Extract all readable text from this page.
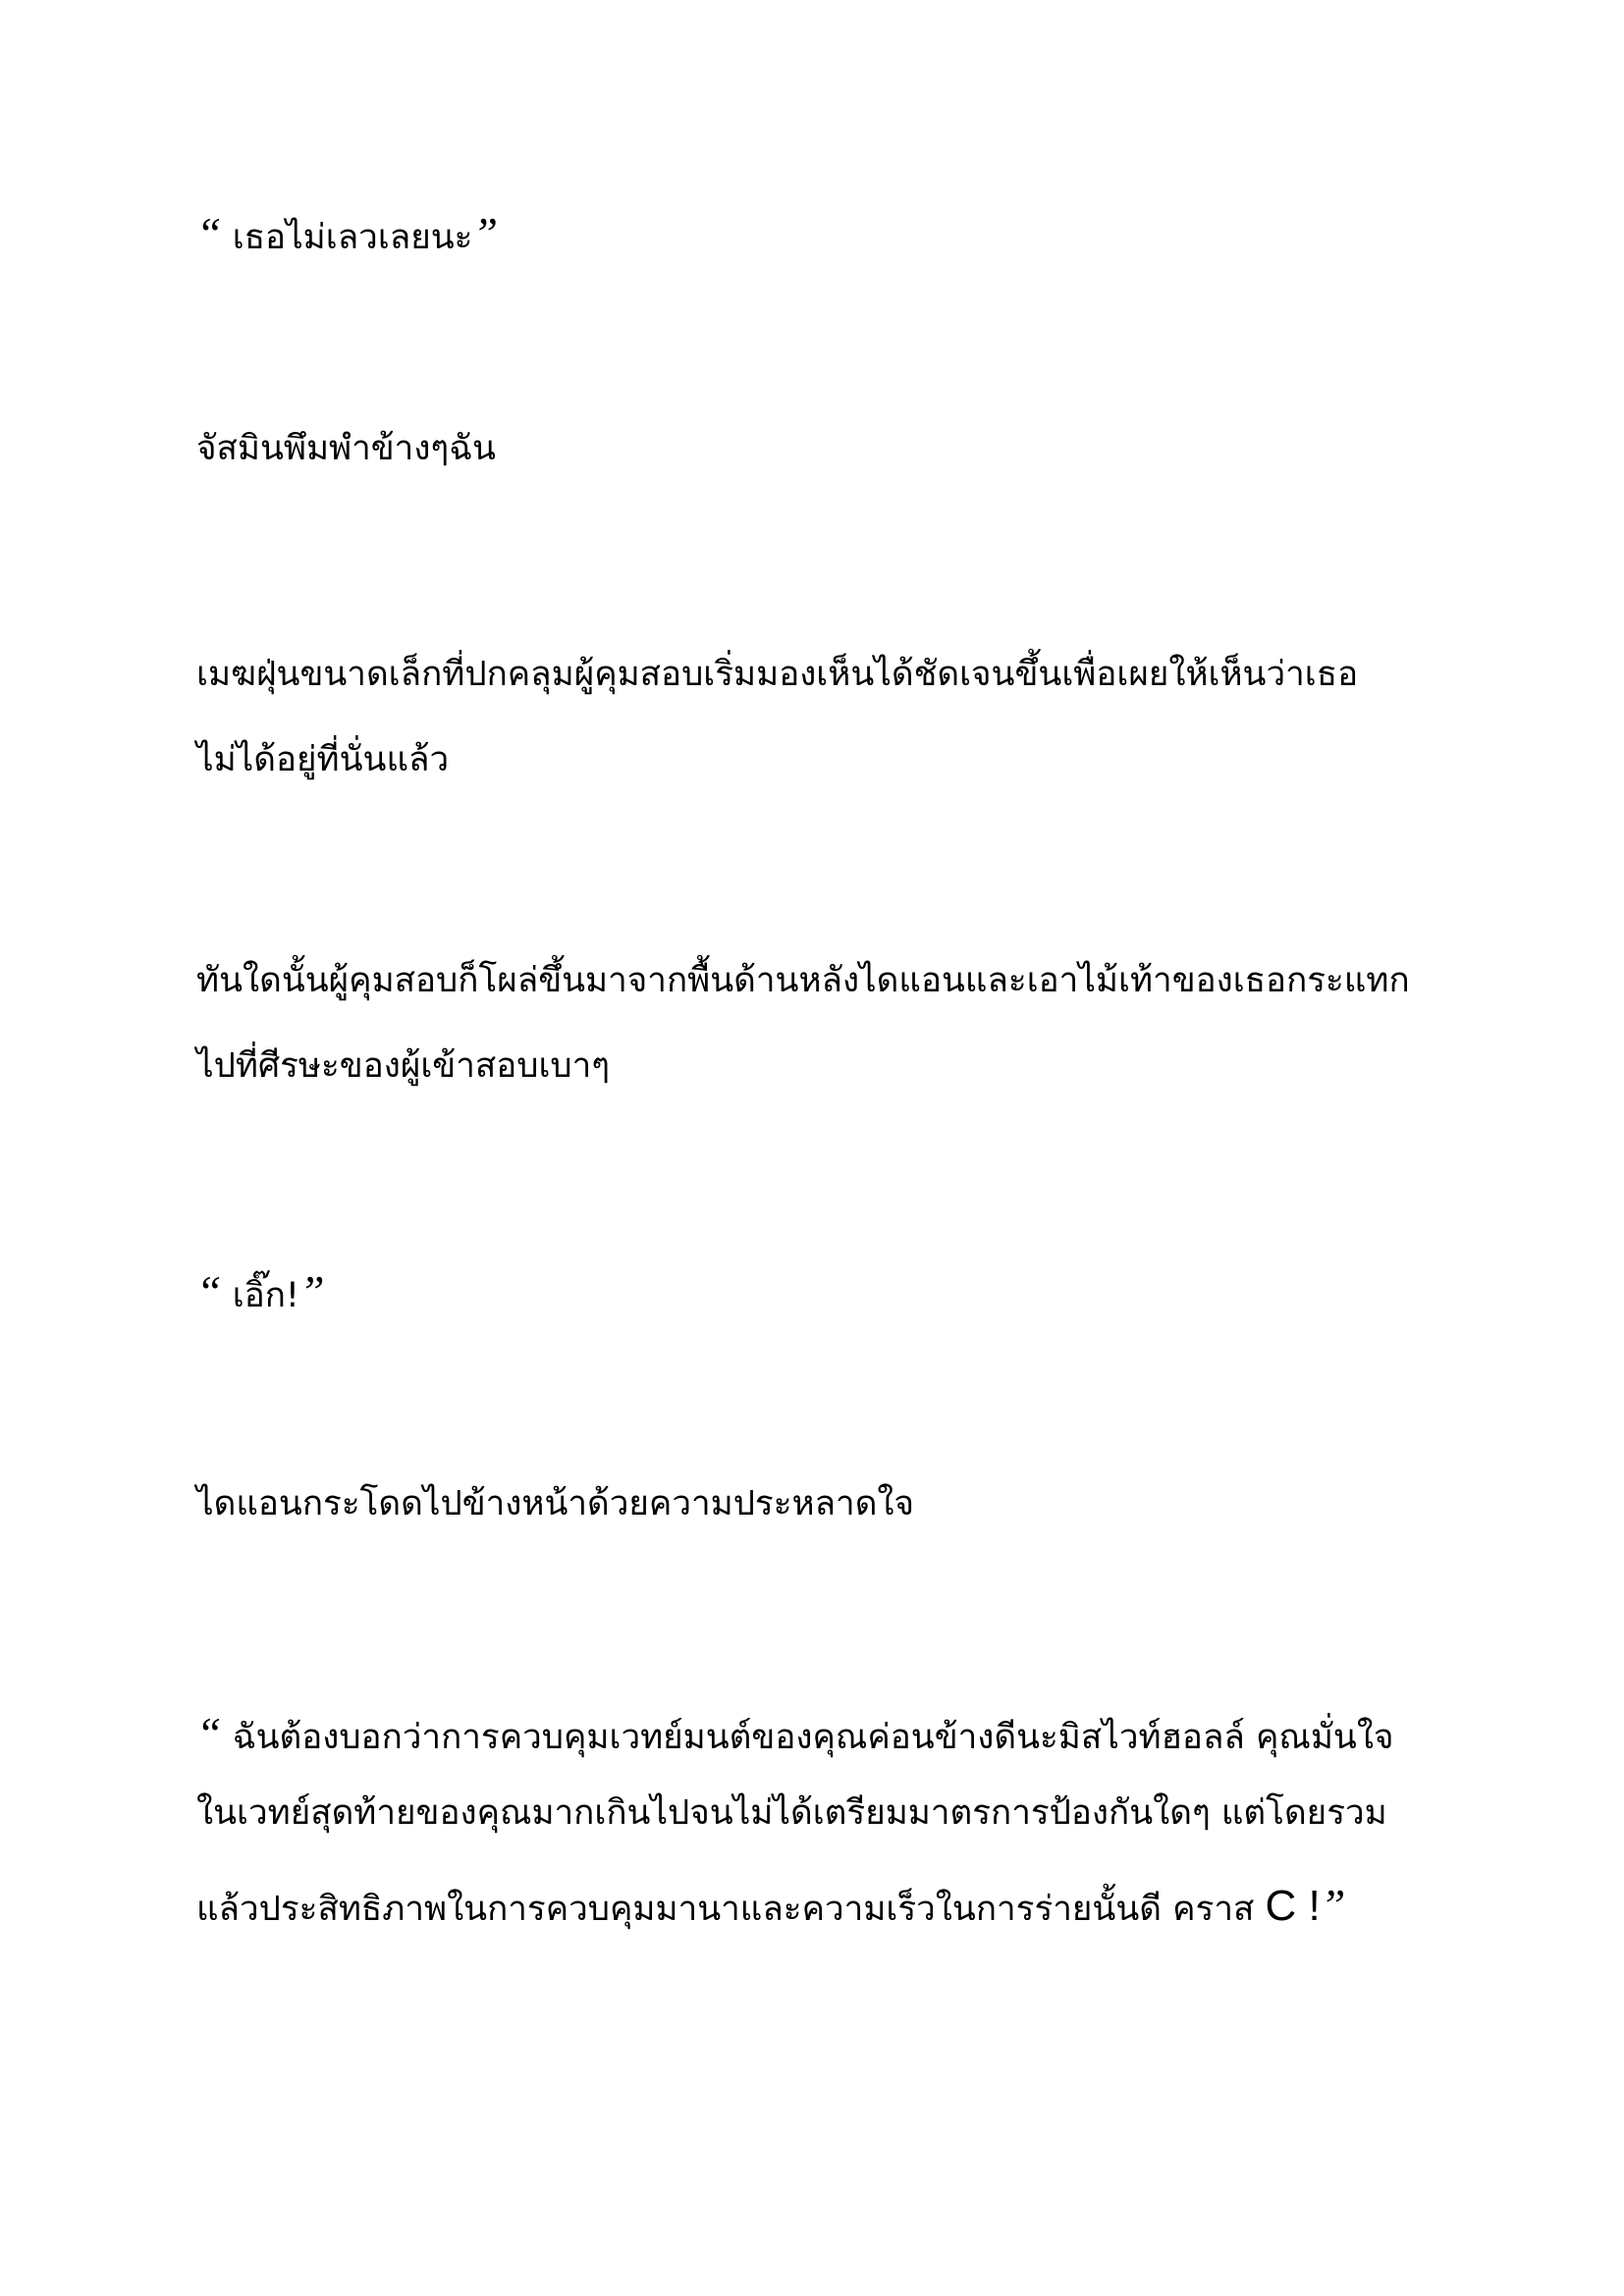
“ เธอไม่เลวเลยนะ”

จัสมินพึมพำข้างๆฉัน

เมฆฝุ่นขนาดเล็กที่ปกคลุมผู้คุมสอบเริ่มมองเห็นได้ชัดเจนขึ้นเพื่อเผยให้เห็นว่าเธอ

ไม่ได้อยู่ที่นั่นแล้ว

ทันใดนั้นผู้คุมสอบก็โผล่ขึ้นมาจากพื้นด้านหลังไดแอนและเอาไม้เท้าของเธอกระแทก

ไปที่ศีรษะของผู้เข้าสอบเบาๆ

“ เอิ๊ก!”

ไดแอนกระโดดไปข้างหน้าด้วยความประหลาดใจ

“ ฉันต้องบอกว่าการควบคุมเวทย์มนต์ของคุณค่อนข้างดีนะมิสไวท์ฮอลล์ คุณมั่นใจ

ในเวทย์สุดท้ายของคุณมากเกินไปจนไม่ได้เตรียมมาตรการป้องกันใดๆ แต่โดยรวม

แล้วประสิทธิภาพในการควบคุมมานาและความเร็วในการร่ายนั้นดี คราส C !”
